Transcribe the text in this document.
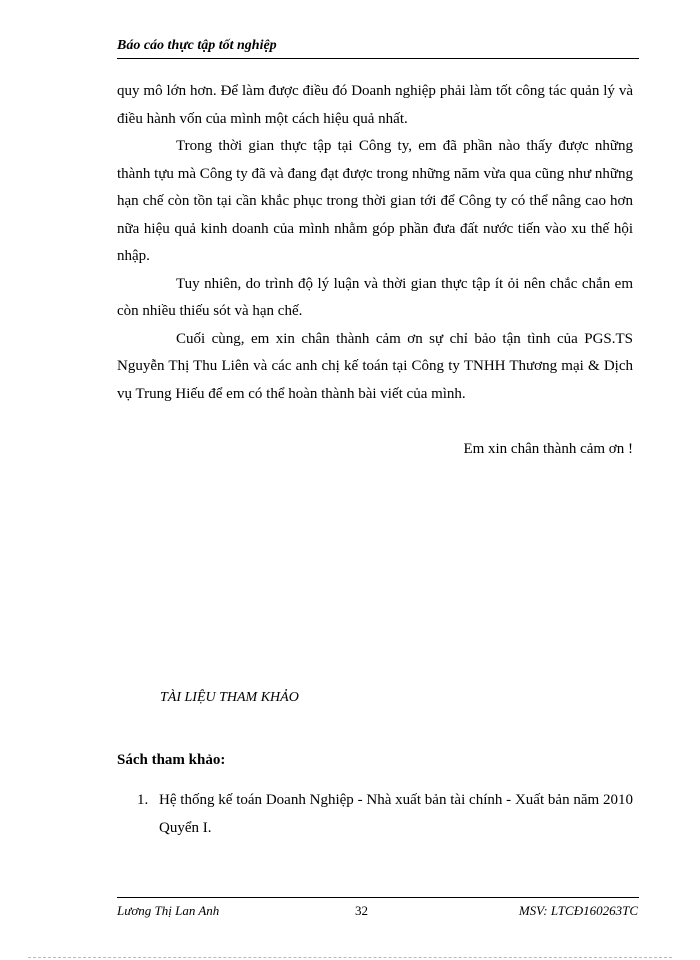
Báo cáo thực tập tốt nghiệp

quy mô lớn hơn. Để làm được điều đó Doanh nghiệp phải làm tốt công tác quản lý và điều hành vốn của mình một cách hiệu quả nhất.

Trong thời gian thực tập tại Công ty, em đã phần nào thấy được những thành tựu mà Công ty đã và đang đạt được trong những năm vừa qua cũng như những hạn chế còn tồn tại cần khắc phục trong thời gian tới để Công ty có thể nâng cao hơn nữa hiệu quả kinh doanh của mình nhằm góp phần đưa đất nước tiến vào xu thế hội nhập.

Tuy nhiên, do trình độ lý luận và thời gian thực tập ít ỏi nên chắc chắn em còn nhiều thiếu sót và hạn chế.

Cuối cùng, em xin chân thành cảm ơn sự chỉ bảo tận tình của PGS.TS Nguyễn Thị Thu Liên và các anh chị kế toán tại Công ty TNHH Thương mại & Dịch vụ Trung Hiếu để em có thể hoàn thành bài viết của mình.

Em xin chân thành cảm ơn !
TÀI LIỆU THAM KHẢO
Sách tham khảo:
1. Hệ thống kế toán Doanh Nghiệp - Nhà xuất bản tài chính - Xuất bản năm 2010 Quyển I.
Lương Thị Lan Anh	32	MSV: LTCĐ160263TC
